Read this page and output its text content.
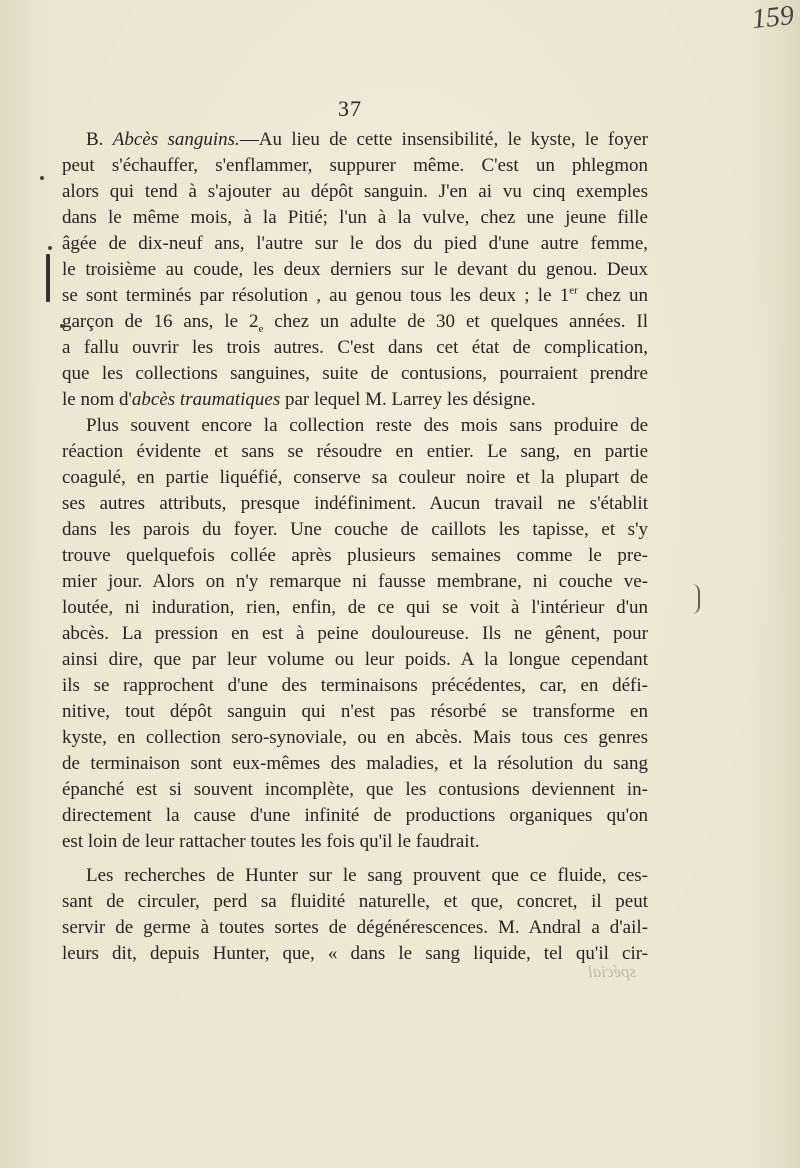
159
37
spécial
B. Abcès sanguins.—Au lieu de cette insensibilité, le kyste, le foyer
peut s'échauffer, s'enflammer, suppurer même. C'est un phlegmon
alors qui tend à s'ajouter au dépôt sanguin. J'en ai vu cinq exemples
dans le même mois, à la Pitié; l'un à la vulve, chez une jeune fille
âgée de dix-neuf ans, l'autre sur le dos du pied d'une autre femme,
le troisième au coude, les deux derniers sur le devant du genou. Deux
se sont terminés par résolution , au genou tous les deux ; le 1er chez un
garçon de 16 ans, le $2_e$ chez un adulte de 30 et quelques années. Il
a fallu ouvrir les trois autres. C'est dans cet état de complication,
que les collections sanguines, suite de contusions, pourraient prendre
le nom d'abcès traumatiques par lequel M. Larrey les désigne.
Plus souvent encore la collection reste des mois sans produire de
réaction évidente et sans se résoudre en entier. Le sang, en partie
coagulé, en partie liquéfié, conserve sa couleur noire et la plupart de
ses autres attributs, presque indéfiniment. Aucun travail ne s'établit
dans les parois du foyer. Une couche de caillots les tapisse, et s'y
trouve quelquefois collée après plusieurs semaines comme le pre-
mier jour. Alors on n'y remarque ni fausse membrane, ni couche ve-
loutée, ni induration, rien, enfin, de ce qui se voit à l'intérieur d'un
abcès. La pression en est à peine douloureuse. Ils ne gênent, pour
ainsi dire, que par leur volume ou leur poids. A la longue cependant
ils se rapprochent d'une des terminaisons précédentes, car, en défi-
nitive, tout dépôt sanguin qui n'est pas résorbé se transforme en
kyste, en collection sero-synoviale, ou en abcès. Mais tous ces genres
de terminaison sont eux-mêmes des maladies, et la résolution du sang
épanché est si souvent incomplète, que les contusions deviennent in-
directement la cause d'une infinité de productions organiques qu'on
est loin de leur rattacher toutes les fois qu'il le faudrait.
Les recherches de Hunter sur le sang prouvent que ce fluide, ces-
sant de circuler, perd sa fluidité naturelle, et que, concret, il peut
servir de germe à toutes sortes de dégénérescences. M. Andral a d'ail-
leurs dit, depuis Hunter, que, « dans le sang liquide, tel qu'il cir-
